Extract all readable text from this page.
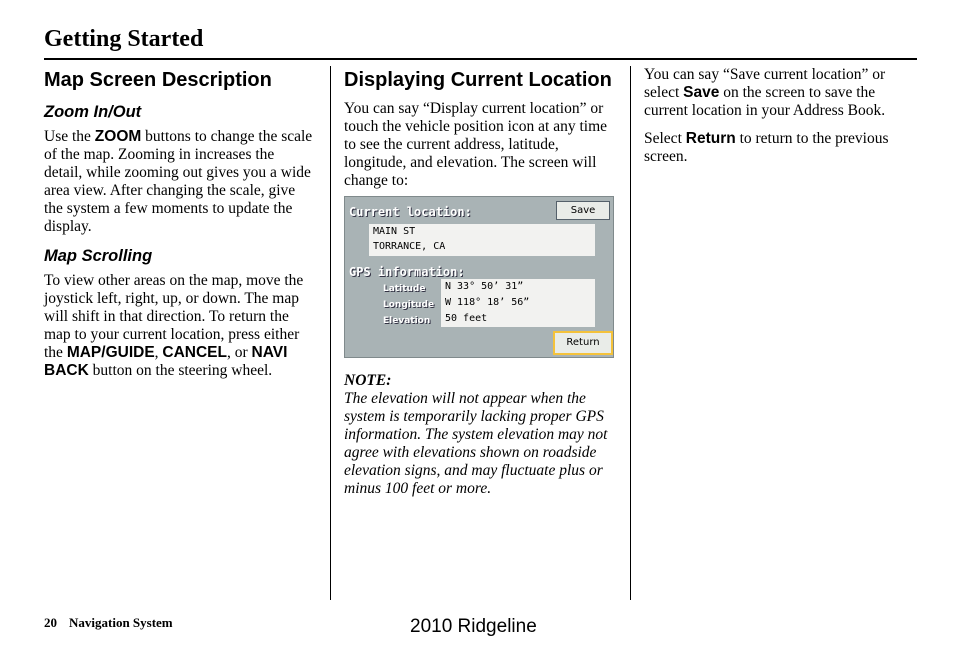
Getting Started
Map Screen Description
Zoom In/Out

Use the ZOOM buttons to change the scale of the map. Zooming in increases the detail, while zooming out gives you a wide area view. After changing the scale, give the system a few moments to update the display.

Map Scrolling

To view other areas on the map, move the joystick left, right, up, or down. The map will shift in that direction. To return the map to your current location, press either the MAP/GUIDE, CANCEL, or NAVI BACK button on the steering wheel.

Displaying Current Location

You can say “Display current location” or touch the vehicle position icon at any time to see the current address, latitude, longitude, and elevation. The screen will change to:

Current location:	Save
MAIN ST
TORRANCE, CA
GPS information:
Latitude
Longitude
Elevation
N 33° 50’ 31”
W 118° 18’ 56”
50 feet
Return
NOTE:
The elevation will not appear when the system is temporarily lacking proper GPS information. The system elevation may not agree with elevations shown on roadside elevation signs, and may fluctuate plus or minus 100 feet or more.

You can say “Save current location” or select Save on the screen to save the current location in your Address Book.

Select Return to return to the previous screen.

20 Navigation System	2010 Ridgeline
